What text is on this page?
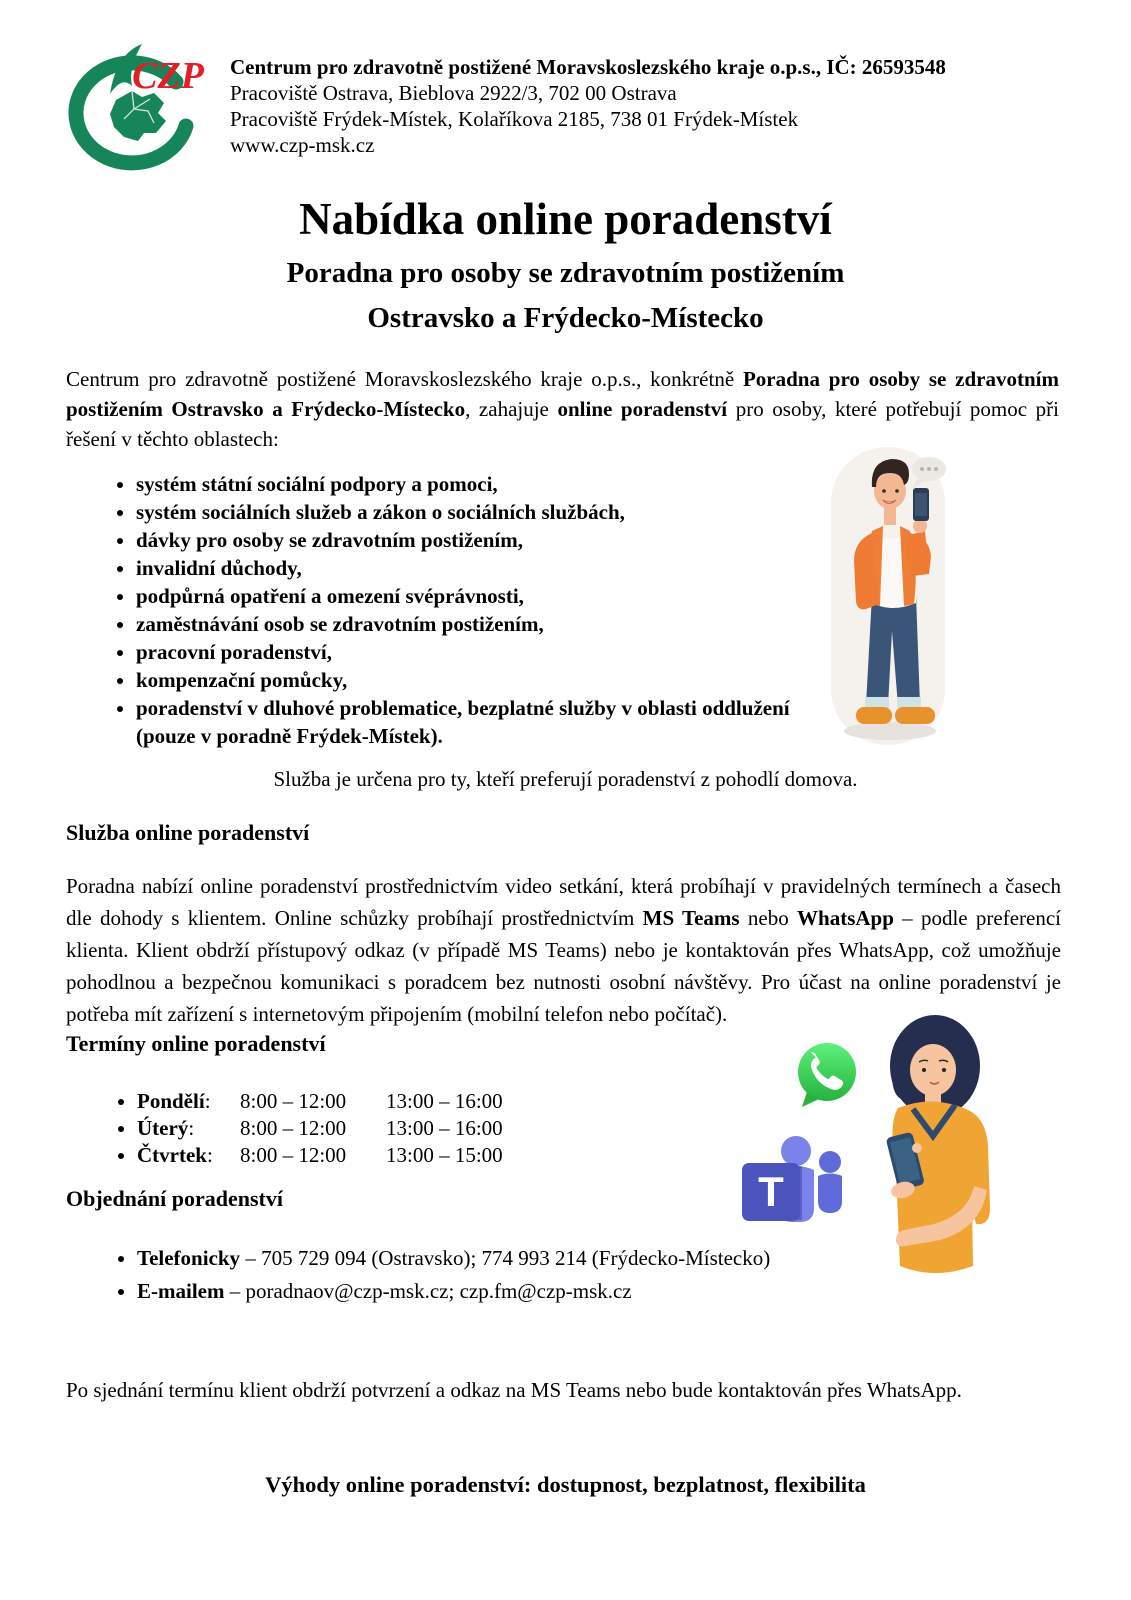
CZP Centrum pro zdravotně postižené Moravskoslezského kraje o.p.s., IČ: 26593548
Pracoviště Ostrava, Bieblova 2922/3, 702 00 Ostrava
Pracoviště Frýdek-Místek, Kolaříkova 2185, 738 01 Frýdek-Místek
www.czp-msk.cz
Nabídka online poradenství
Poradna pro osoby se zdravotním postižením
Ostravsko a Frýdecko-Místecko

Centrum pro zdravotně postižené Moravskoslezského kraje o.p.s., konkrétně Poradna pro osoby se zdravotním postižením Ostravsko a Frýdecko-Místecko, zahajuje online poradenství pro osoby, které potřebují pomoc při řešení v těchto oblastech:

• systém státní sociální podpory a pomoci,
• systém sociálních služeb a zákon o sociálních službách,
• dávky pro osoby se zdravotním postižením,
• invalidní důchody,
• podpůrná opatření a omezení svéprávnosti,
• zaměstnávání osob se zdravotním postižením,
• pracovní poradenství,
• kompenzační pomůcky,
• poradenství v dluhové problematice, bezplatné služby v oblasti oddlužení (pouze v poradně Frýdek-Místek).

Služba je určena pro ty, kteří preferují poradenství z pohodlí domova.

Služba online poradenství

Poradna nabízí online poradenství prostřednictvím video setkání, která probíhají v pravidelných termínech a časech dle dohody s klientem. Online schůzky probíhají prostřednictvím MS Teams nebo WhatsApp – podle preferencí klienta. Klient obdrží přístupový odkaz (v případě MS Teams) nebo je kontaktován přes WhatsApp, což umožňuje pohodlnou a bezpečnou komunikaci s poradcem bez nutnosti osobní návštěvy. Pro účast na online poradenství je potřeba mít zařízení s internetovým připojením (mobilní telefon nebo počítač).

Termíny online poradenství
• Pondělí: 8:00 – 12:00 13:00 – 16:00
• Úterý: 8:00 – 12:00 13:00 – 16:00
• Čtvrtek: 8:00 – 12:00 13:00 – 15:00
Objednání poradenství
• Telefonicky – 705 729 094 (Ostravsko); 774 993 214 (Frýdecko-Místecko)
• E-mailem – poradnaov@czp-msk.cz; czp.fm@czp-msk.cz

Po sjednání termínu klient obdrží potvrzení a odkaz na MS Teams nebo bude kontaktován přes WhatsApp.

Výhody online poradenství: dostupnost, bezplatnost, flexibilita

T
